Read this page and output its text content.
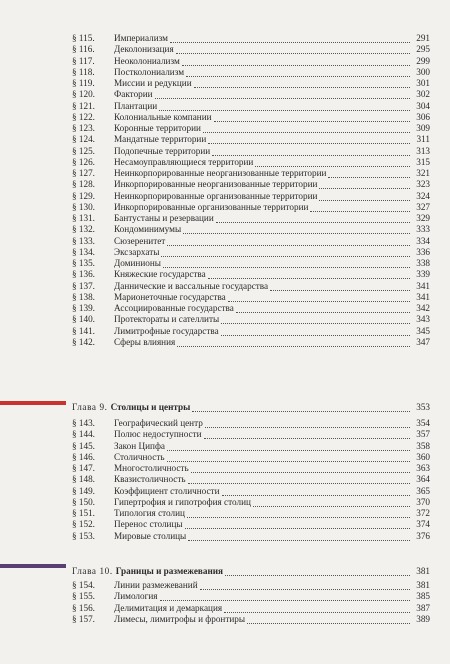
§ 115.	Империализм	291
§ 116.	Деколонизация	295
§ 117.	Неоколониализм	299
§ 118.	Постколониализм	300
§ 119.	Миссии и редукции	301
§ 120.	Фактории	302
§ 121.	Плантации	304
§ 122.	Колониальные компании	306
§ 123.	Коронные территории	309
§ 124.	Мандатные территории	311
§ 125.	Подопечные территории	313
§ 126.	Несамоуправляющиеся территории	315
§ 127.	Неинкорпорированные неорганизованные территории	321
§ 128.	Инкорпорированные неорганизованные территории	323
§ 129.	Неинкорпорированные организованные территории	324
§ 130.	Инкорпорированные организованные территории	327
§ 131.	Бантустаны и резервации	329
§ 132.	Кондоминимумы	333
§ 133.	Сюзеренитет	334
§ 134.	Эксзархаты	336
§ 135.	Доминионы	338
§ 136.	Княжеские государства	339
§ 137.	Даннические и вассальные государства	341
§ 138.	Марионеточные государства	341
§ 139.	Ассоциированные государства	342
§ 140.	Протектораты и сателлиты	343
§ 141.	Лимитрофные государства	345
§ 142.	Сферы влияния	347
Глава 9. Столицы и центры	353
§ 143.	Географический центр	354
§ 144.	Полюс недоступности	357
§ 145.	Закон Ципфа	358
§ 146.	Столичность	360
§ 147.	Многостоличность	363
§ 148.	Квазистоличность	364
§ 149.	Коэффициент столичности	365
§ 150.	Гипертрофия и гипотрофия столиц	370
§ 151.	Типология столиц	372
§ 152.	Перенос столицы	374
§ 153.	Мировые столицы	376
Глава 10. Границы и размежевания	381
§ 154.	Линии размежеваний	381
§ 155.	Лимология	385
§ 156.	Делимитация и демаркация	387
§ 157.	Лимесы, лимитрофы и фронтиры	389
